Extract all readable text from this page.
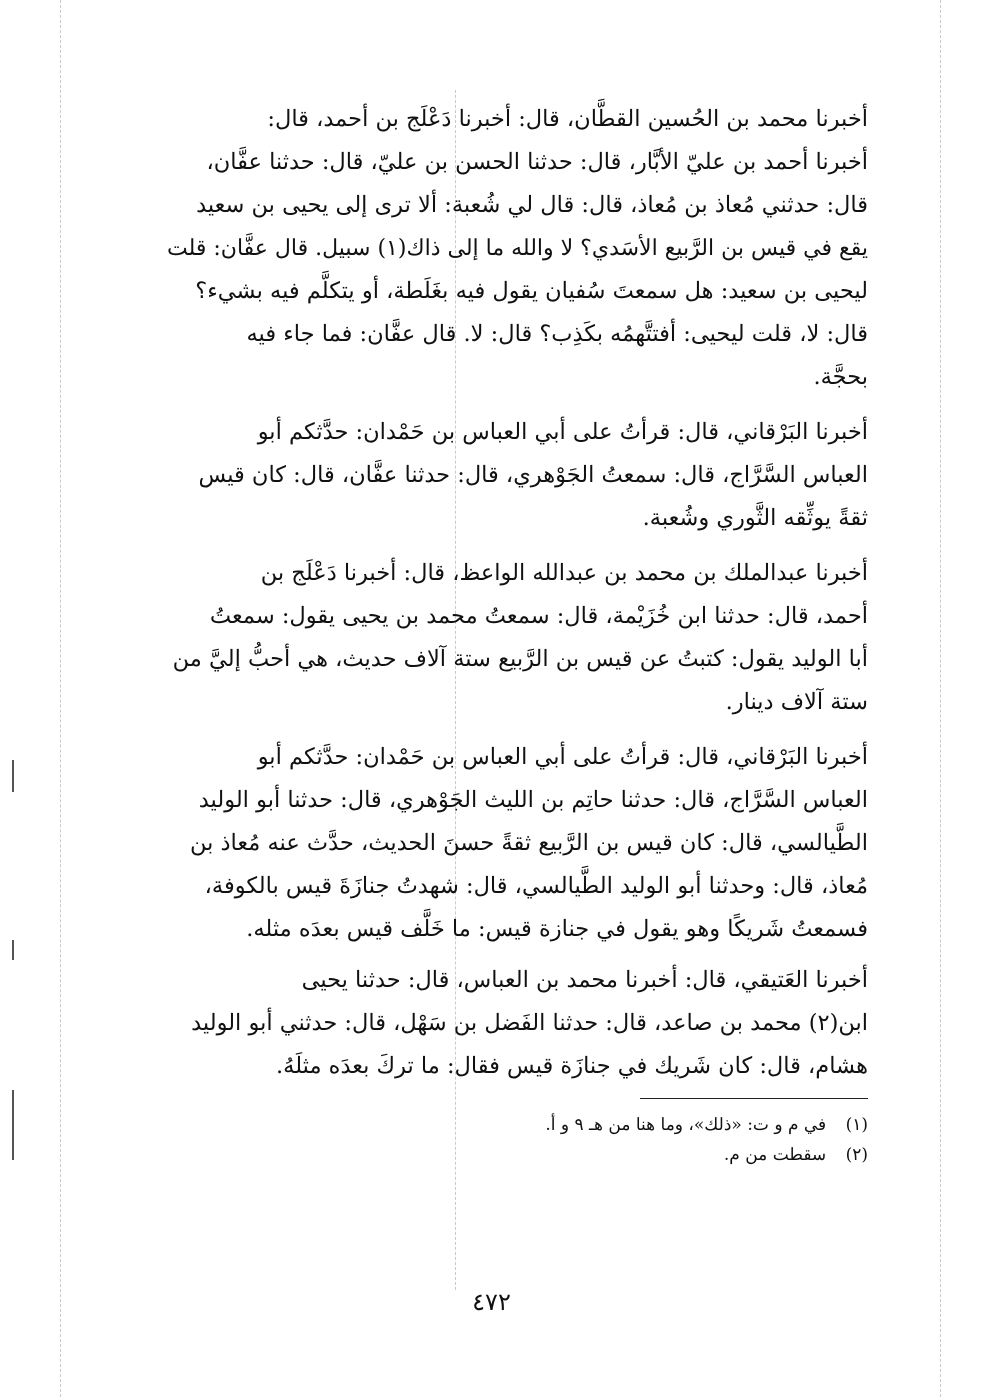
أخبرنا محمد بن الحُسين القطَّان، قال: أخبرنا دَعْلَج بن أحمد، قال:
أخبرنا أحمد بن عليّ الأبَّار، قال: حدثنا الحسن بن عليّ، قال: حدثنا عفَّان،
قال: حدثني مُعاذ بن مُعاذ، قال: قال لي شُعبة: ألا ترى إلى يحيى بن سعيد
يقع في قيس بن الرَّبيع الأسَدي؟ لا والله ما إلى ذاك(١) سبيل. قال عفَّان: قلت
ليحيى بن سعيد: هل سمعتَ سُفيان يقول فيه بغَلَطة، أو يتكلَّم فيه بشيء؟
قال: لا، قلت ليحيى: أفتتَّهمُه بكَذِب؟ قال: لا. قال عفَّان: فما جاء فيه
بحجَّة.

أخبرنا البَرْقاني، قال: قرأتُ على أبي العباس بن حَمْدان: حدَّثكم أبو
العباس السَّرَّاج، قال: سمعتُ الجَوْهري، قال: حدثنا عفَّان، قال: كان قيس
ثقةً يوثِّقه الثَّوري وشُعبة.

أخبرنا عبدالملك بن محمد بن عبدالله الواعظ، قال: أخبرنا دَعْلَج بن
أحمد، قال: حدثنا ابن خُزَيْمة، قال: سمعتُ محمد بن يحيى يقول: سمعتُ
أبا الوليد يقول: كتبتُ عن قيس بن الرَّبيع ستة آلاف حديث، هي أحبُّ إليَّ من
ستة آلاف دينار.

أخبرنا البَرْقاني، قال: قرأتُ على أبي العباس بن حَمْدان: حدَّثكم أبو
العباس السَّرَّاج، قال: حدثنا حاتِم بن الليث الجَوْهري، قال: حدثنا أبو الوليد
الطَّيالسي، قال: كان قيس بن الرَّبيع ثقةً حسنَ الحديث، حدَّث عنه مُعاذ بن
مُعاذ، قال: وحدثنا أبو الوليد الطَّيالسي، قال: شهدتُ جنازَةَ قيس بالكوفة،
فسمعتُ شَريكًا وهو يقول في جنازة قيس: ما خَلَّف قيس بعدَه مثله.

أخبرنا العَتيقي، قال: أخبرنا محمد بن العباس، قال: حدثنا يحيى
ابن(٢) محمد بن صاعد، قال: حدثنا الفَضل بن سَهْل، قال: حدثني أبو الوليد
هشام، قال: كان شَريك في جنازَة قيس فقال: ما تركَ بعدَه مثلَهُ.

(١) في م و ت: «ذلك»، وما هنا من هـ ٩ و أ.
(٢) سقطت من م.
٤٧٢
